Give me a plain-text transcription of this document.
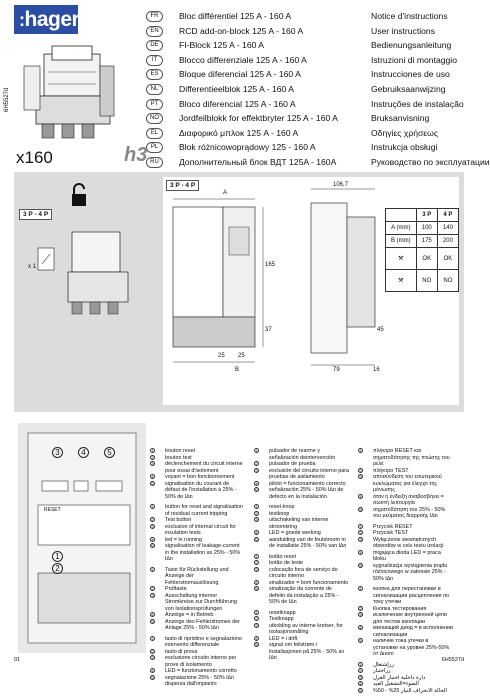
:hager	FR	Bloc différentiel 125 A - 160 A	Notice d'instructions
EN	RCD add-on-block 125 A - 160 A	User instructions
DE	FI-Block 125 A - 160 A	Bedienungsanleitung
IT	Blocco differenziale 125 A - 160 A	Istruzioni di montaggio
ES	Bloque diferencial 125 A - 160 A	Instrucciones de uso
NL	Differentieelblok 125 A - 160 A	Gebruiksaanwijzing
PT	Bloco diferencial 125 A - 160 A	Instruções de instalação
NO	Jordfeilblokk for effektbryter 125 A - 160 A	Bruksanvisning
EL	Διαφορικό μπλοκ 125 A - 160 A	Οδηγίες χρήσεως
PL	Blok różnicowoprądowy 125 - 160 A	Instrukcja obsługi
RU	Дополнительный блок ВДТ 125A - 160A	Руководство по эксплуатации
6H5527d
x160	h3
3 P - 4 P
x 1
3 P - 4 P
A
B
106,7
165
37
25 25
79	16
45
	3 P	4 P
A (mm)	100	140
B (mm)	175	200
⚒	OK	OK
⚒	NO	NO
3	4	5
RESET
1
2
1 bouton reset
2 bouton test
3 déclenchement du circuit interne pour essai d'isolement
4 voyant = bon fonctionnement
5 signalisation du courant de défaut de l'installation à 25% - 50% de I∆n
1 button for reset and signalisation of residual current tripping
2 Test button
3 exclusion of internal circuit for insulation tests
4 led = in running
5 signalisation of leakage-current in the installation as 25% - 50% I∆n
1 Taste für Rückstellung und Anzeige der Fehlerstromauslösung
2 Prüftaste
3 Ausschaltung interner Stromkreise zur Durchführung von Isolationsprüfungen
4 Anzeige = in Betrieb
5 Anzeige des Fehlerstromes der Anlage 25% - 50% I∆n
1 tasto di ripristino e segnalazione intervento differenziale
2 tasto di prova
3 esclusione circuito interno per prove di isolamento
4 LED = funzionamento corretto
5 segnalazione 25% - 50% I∆n dispersa dall'impianto
1 pulsador de rearme y señalización deintervención
2 pulsador de prueba
3 exclusión del circuito interno para pruebas de aislamiento
4 piloto = funcionamiento correcto
5 señalización 25% - 50% I∆n de defecto en la instalación
1 reset-knop
2 testknop
3 uitschakeling van interne stroomkring
4 LED = goede werking
5 aanduiding van de foutstroom in de installatie 25% - 50% van I∆n
1 botão reset
2 botão de teste
3 colocação fora de serviço do circuito interno
4 sinalizador = bom funcionamento
5 sinalização da corrente de defeito da instalação a 25% - 50% de I∆n
1 resetknapp
2 Testknapp
3 utkobling av interne kretser, for isolasjonsmåling
4 LED = i drift
5 signal om feilstrøm i installasjonen på 25% - 50% av I∆n
1 πλήκτρο RESET και σηματοδότησης της πτώσης του ρελέ
2 πλήκτρο TEST
3 αποσύνδεση του εσωτερικού κυκλώματος για έλεγχο της μόνωσης
4 όταν η ένδειξη αναβοσβήνει = σωστή λειτουργία
5 σηματοδότηση του 25% - 50% του ρεύματος διαρροής I∆n
1 Przycisk RESET
2 Przycisk TEST
3 Wyłączenie wewnętrznych obwodów w celu testu izolacji
4 migająca dioda LED = praca bloku
5 sygnalizacja wystąpienia prądu różnicowego w zakresie 25% - 50% I∆n
1 кнопка для перестановки и сигнализации расцепления по току утечки
2 Кнопка тестирования
3 исключение внутренней цепи для тестов изоляции
4 мигающий диод = в исполнении сигнализации
5 наличие тока утечки в установке на уровне 25%-50% от ∆нom
1 زرإشتغال
2 زراختبار
3 دارة داخلية اختبار العزل
4 الضوء=التشغيل العيد
5 الحالة الانحراف التيار 25% - 50%
01	6H5527d
